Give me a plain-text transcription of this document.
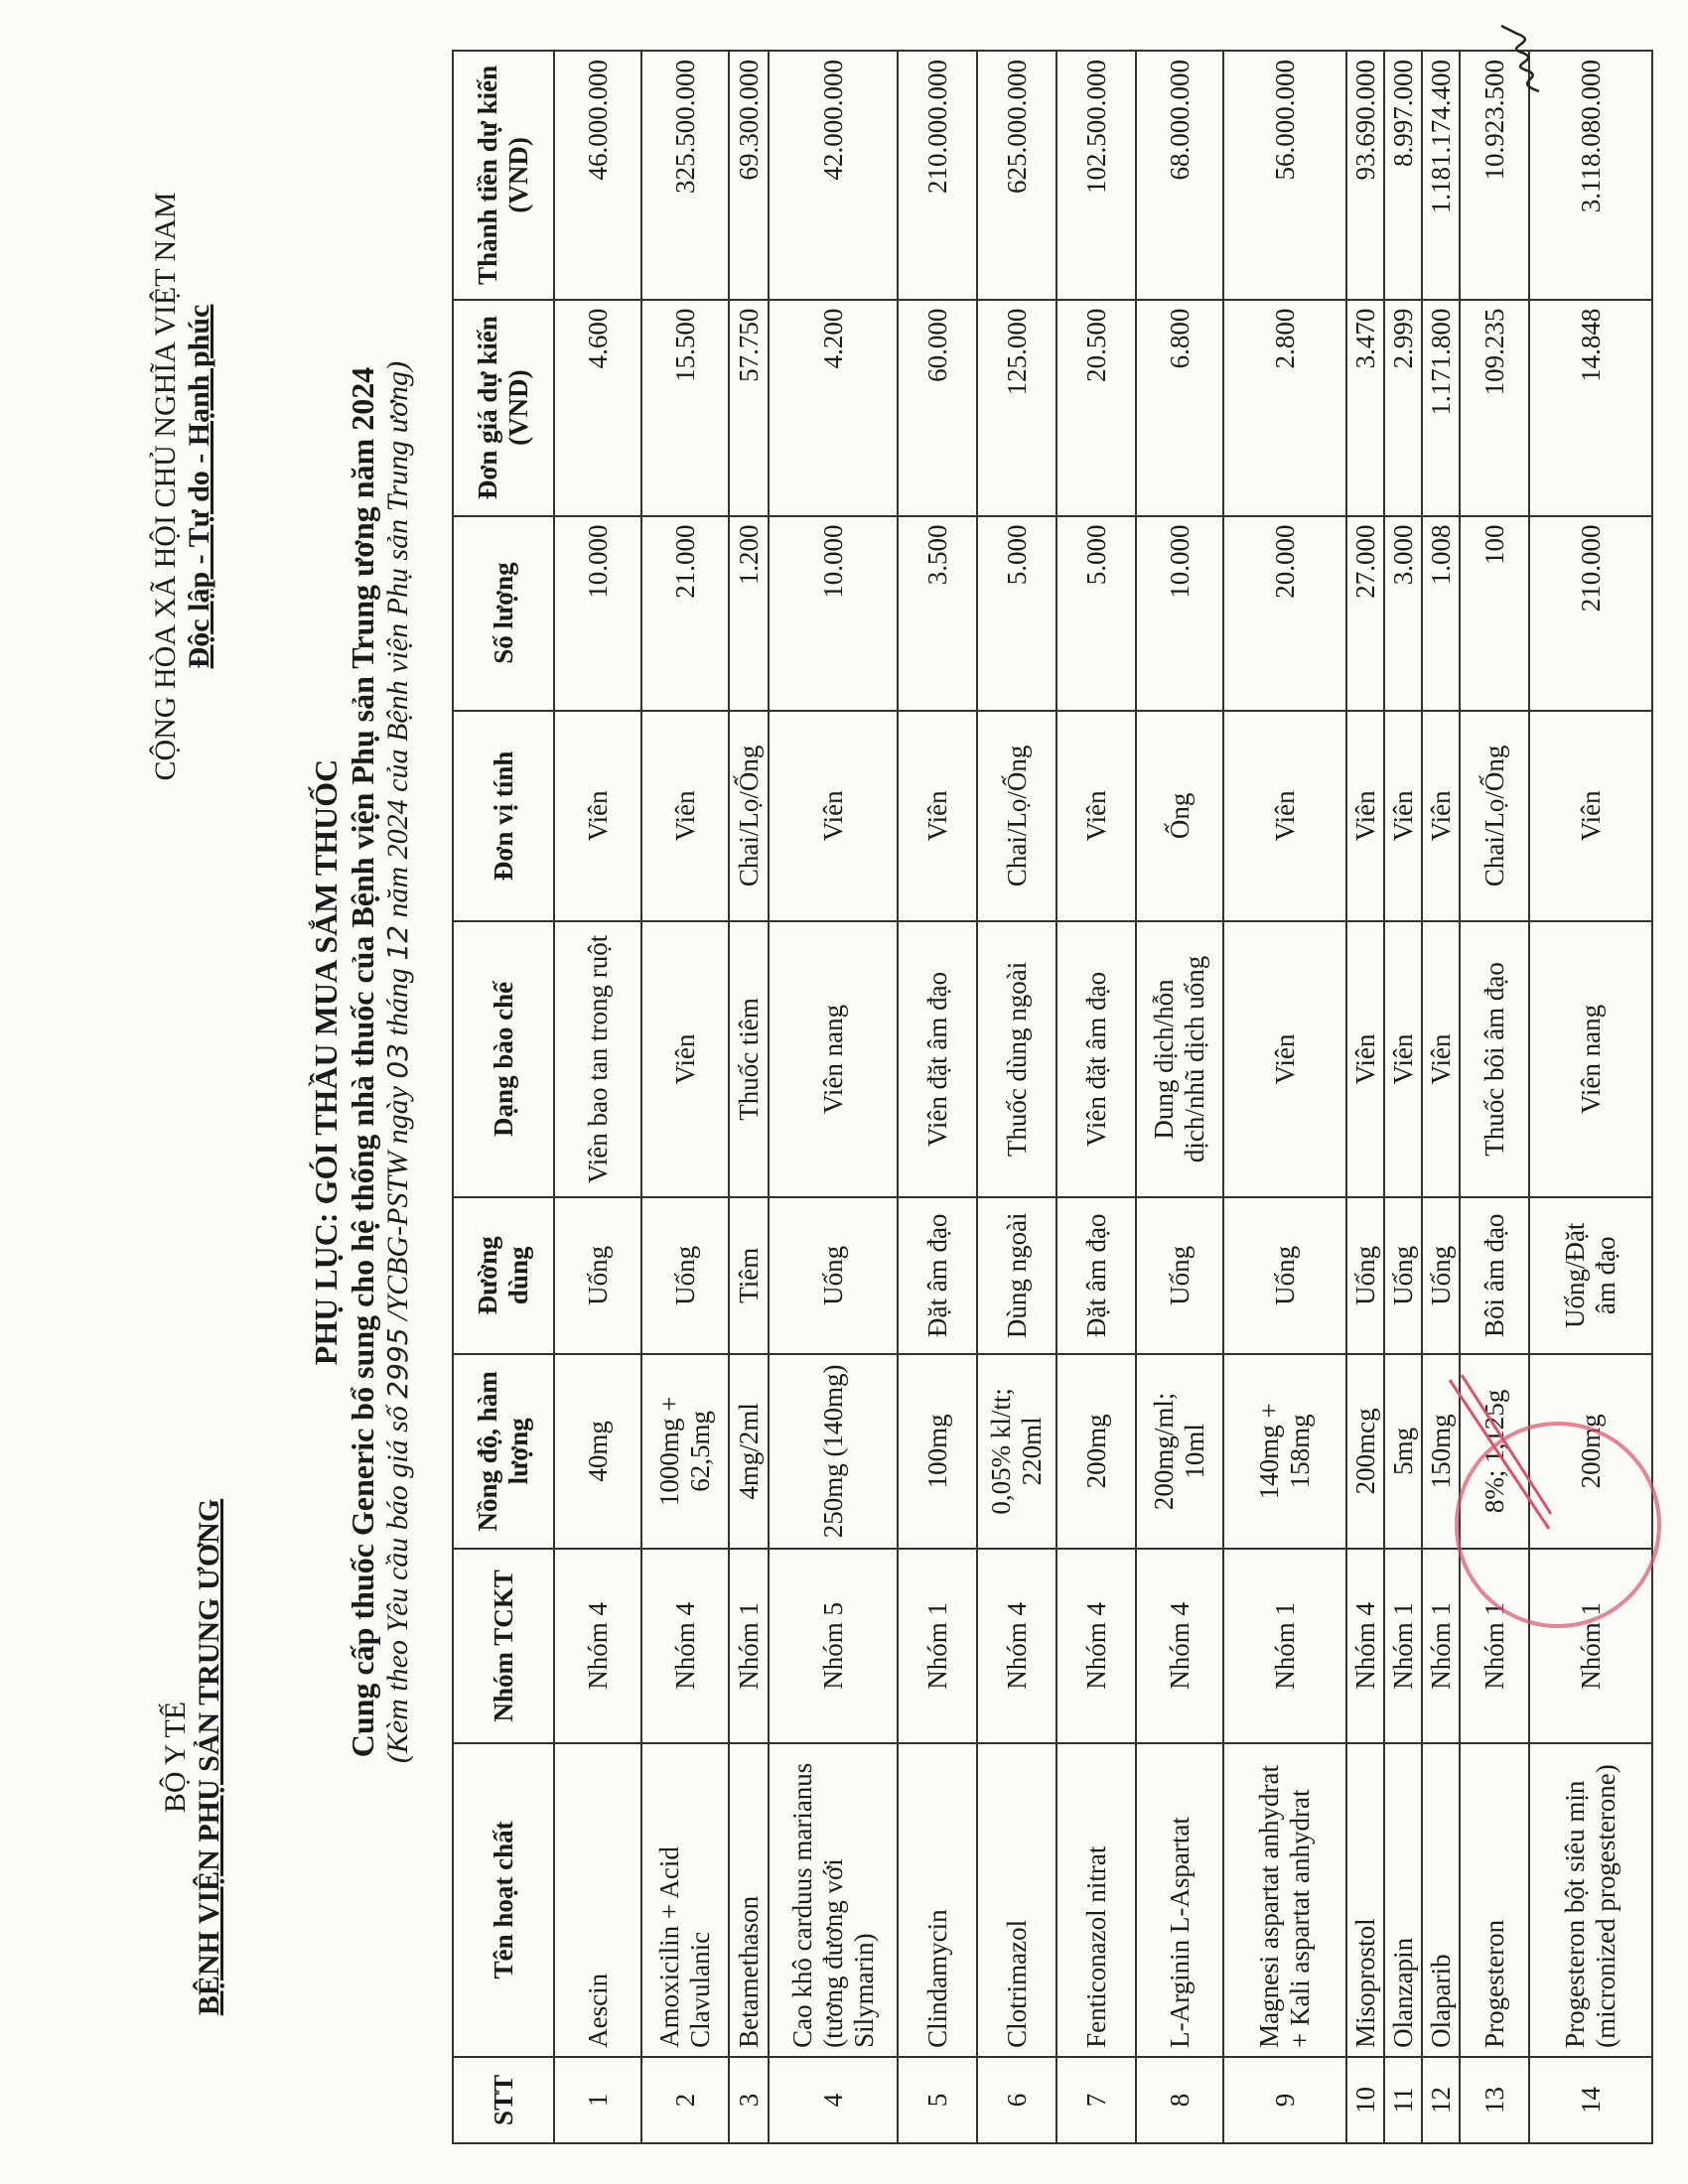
BỘ Y TẾ BỆNH VIỆN PHỤ SẢN TRUNG ƯƠNG
CỘNG HÒA XÃ HỘI CHỦ NGHĨA VIỆT NAM Độc lập - Tự do - Hạnh phúc
PHỤ LỤC: GÓI THẦU MUA SẮM THUỐC Cung cấp thuốc Generic bổ sung cho hệ thống nhà thuốc của Bệnh viện Phụ sản Trung ương năm 2024 (Kèm theo Yêu cầu báo giá số 2995 /YCBG-PSTW ngày 03 tháng 12 năm 2024 của Bệnh viện Phụ sản Trung ương)
STT	Tên hoạt chất	Nhóm TCKT	Nồng độ, hàm lượng	Đường dùng	Dạng bào chế	Đơn vị tính	Số lượng	Đơn giá dự kiến (VND)	Thành tiền dự kiến (VND)
1	Aescin	Nhóm 4	40mg	Uống	Viên bao tan trong ruột	Viên	10.000	4.600	46.000.000
2	Amoxicilin + Acid Clavulanic	Nhóm 4	1000mg + 62,5mg	Uống	Viên	Viên	21.000	15.500	325.500.000
3	Betamethason	Nhóm 1	4mg/2ml	Tiêm	Thuốc tiêm	Chai/Lọ/Ống	1.200	57.750	69.300.000
4	Cao khô carduus marianus (tương đương với Silymarin)	Nhóm 5	250mg (140mg)	Uống	Viên nang	Viên	10.000	4.200	42.000.000
5	Clindamycin	Nhóm 1	100mg	Đặt âm đạo	Viên đặt âm đạo	Viên	3.500	60.000	210.000.000
6	Clotrimazol	Nhóm 4	0,05% kl/tt; 220ml	Dùng ngoài	Thuốc dùng ngoài	Chai/Lọ/Ống	5.000	125.000	625.000.000
7	Fenticonazol nitrat	Nhóm 4	200mg	Đặt âm đạo	Viên đặt âm đạo	Viên	5.000	20.500	102.500.000
8	L-Arginin L-Aspartat	Nhóm 4	200mg/ml; 10ml	Uống	Dung dịch/hỗn dịch/nhũ dịch uống	Ống	10.000	6.800	68.000.000
9	Magnesi aspartat anhydrat + Kali aspartat anhydrat	Nhóm 1	140mg + 158mg	Uống	Viên	Viên	20.000	2.800	56.000.000
10	Misoprostol	Nhóm 4	200mcg	Uống	Viên	Viên	27.000	3.470	93.690.000
11	Olanzapin	Nhóm 1	5mg	Uống	Viên	Viên	3.000	2.999	8.997.000
12	Olaparib	Nhóm 1	150mg	Uống	Viên	Viên	1.008	1.171.800	1.181.174.400
13	Progesteron	Nhóm 1	8%; 1,125g	Bôi âm đạo	Thuốc bôi âm đạo	Chai/Lọ/Ống	100	109.235	10.923.500
14	Progesteron bột siêu mịn (micronized progesterone)	Nhóm 1	200mg	Uống/Đặt âm đạo	Viên nang	Viên	210.000	14.848	3.118.080.000
